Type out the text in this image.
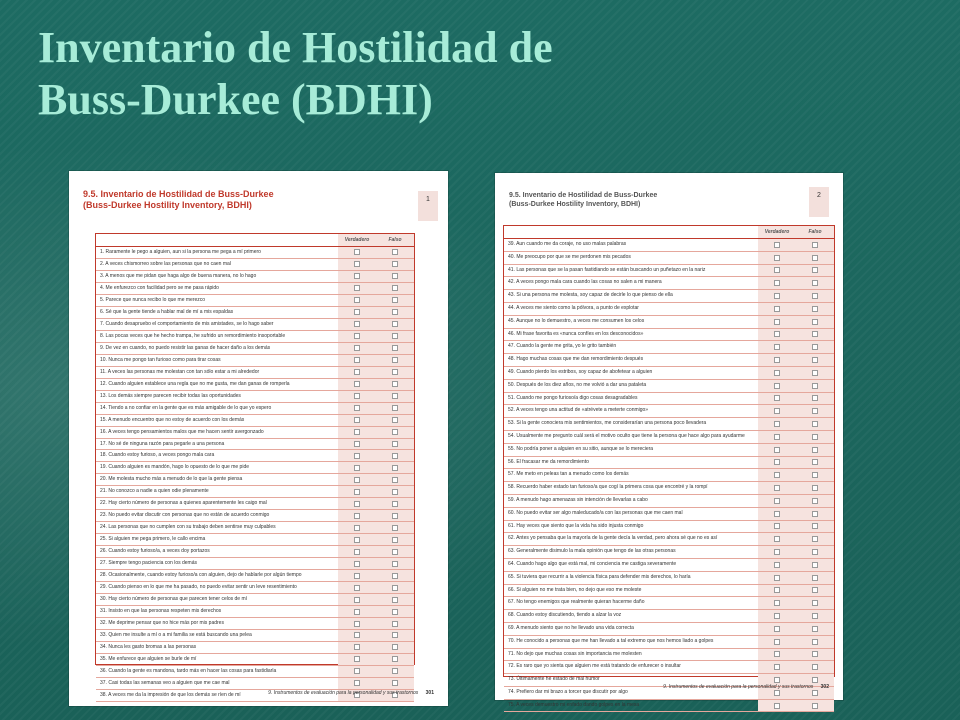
Inventario de Hostilidad de
Buss-Durkee (BDHI)
9.5. Inventario de Hostilidad de Buss-Durkee
(Buss-Durkee Hostility Inventory, BDHI)
1
Verdadero	Falso
1. Raramente le pego a alguien, aun si la persona me pega a mí primero
2. A veces chismorreo sobre las personas que no caen mal
3. A menos que me pidan que haga algo de buena manera, no lo hago
4. Me enfurezco con facilidad pero se me pasa rápido
5. Parece que nunca recibo lo que me merezco
6. Sé que la gente tiende a hablar mal de mí a mis espaldas
7. Cuando desapruebo el comportamiento de mis amistades, se lo hago saber
8. Las pocas veces que he hecho trampa, he sufrido un remordimiento insoportable
9. De vez en cuando, no puedo resistir las ganas de hacer daño a los demás
10. Nunca me pongo tan furioso como para tirar cosas
11. A veces las personas me molestan con tan sólo estar a mi alrededor
12. Cuando alguien establece una regla que no me gusta, me dan ganas de romperla
13. Los demás siempre parecen recibir todas las oportunidades
14. Tiendo a no confiar en la gente que es más amigable de lo que yo espero
15. A menudo encuentro que no estoy de acuerdo con los demás
16. A veces tengo pensamientos malos que me hacen sentir avergonzado
17. No sé de ninguna razón para pegarle a una persona
18. Cuando estoy furioso, a veces pongo mala cara
19. Cuando alguien es mandón, hago lo opuesto de lo que me pide
20. Me molesta mucho más a menudo de lo que la gente piensa
21. No conozco a nadie a quien odie plenamente
22. Hay cierto número de personas a quienes aparentemente les caigo mal
23. No puedo evitar discutir con personas que no están de acuerdo conmigo
24. Las personas que no cumplen con su trabajo deben sentirse muy culpables
25. Si alguien me pega primero, le callo encima
26. Cuando estoy furioso/a, a veces doy portazos
27. Siempre tengo paciencia con los demás
28. Ocasionalmente, cuando estoy furioso/a con alguien, dejo de hablarle por algún tiempo
29. Cuando pienso en lo que me ha pasado, no puedo evitar sentir un leve resentimiento
30. Hay cierto número de personas que parecen tener celos de mí
31. Insisto en que las personas respeten mis derechos
32. Me deprime pensar que no hice más por mis padres
33. Quien me insulte a mí o a mi familia se está buscando una pelea
34. Nunca les gasto bromas a las personas
35. Me enfurece que alguien se burle de mí
36. Cuando la gente es mandona, tardo más en hacer las cosas para fastidiarla
37. Casi todas las semanas veo a alguien que me cae mal
38. A veces me da la impresión de que los demás se ríen de mí	9. Instrumentos de evaluación para la personalidad y sus trastornos 301
9.5. Inventario de Hostilidad de Buss-Durkee
(Buss-Durkee Hostility Inventory, BDHI)
2
Verdadero	Falso
39. Aun cuando me da coraje, no uso malas palabras
40. Me preocupo por que se me perdonen mis pecados
41. Las personas que se la pasan fastidiando se están buscando un puñetazo en la nariz
42. A veces pongo mala cara cuando las cosas no salen a mi manera
43. Si una persona me molesta, soy capaz de decirle lo que pienso de ella
44. A veces me siento como la pólvora, a punto de explotar
45. Aunque no lo demuestro, a veces me consumen los celos
46. Mi frase favorita es «nunca confíes en los desconocidos»
47. Cuando la gente me grita, yo le grito también
48. Hago muchas cosas que me dan remordimiento después
49. Cuando pierdo los estribos, soy capaz de abofetear a alguien
50. Después de los diez años, no me volvió a dar una pataleta
51. Cuando me pongo furioso/a digo cosas desagradables
52. A veces tengo una actitud de «atrévete a meterte conmigo»
53. Si la gente conociera mis sentimientos, me considerarían una persona poco llevadera
54. Usualmente me pregunto cuál será el motivo oculto que tiene la persona que hace algo para ayudarme
55. No podría poner a alguien en su sitio, aunque se lo mereciera
56. El fracasar me da remordimiento
57. Me meto en peleas tan a menudo como los demás
58. Recuerdo haber estado tan furioso/a que cogí la primera cosa que encontré y la rompí
59. A menudo hago amenazas sin intención de llevarlas a cabo
60. No puedo evitar ser algo maleducado/a con las personas que me caen mal
61. Hay veces que siento que la vida ha sido injusta conmigo
62. Antes yo pensaba que la mayoría de la gente decía la verdad, pero ahora sé que no es así
63. Generalmente disimulo la mala opinión que tengo de las otras personas
64. Cuando hago algo que está mal, mi conciencia me castiga severamente
65. Si tuviera que recurrir a la violencia física para defender mis derechos, lo haría
66. Si alguien no me trata bien, no dejo que eso me moleste
67. No tengo enemigos que realmente quieran hacerme daño
68. Cuando estoy discutiendo, tiendo a alzar la voz
69. A menudo siento que no he llevado una vida correcta
70. He conocido a personas que me han llevado a tal extremo que nos hemos liado a golpes
71. No dejo que muchas cosas sin importancia me molesten
72. Es raro que yo sienta que alguien me está tratando de enfurecer o insultar
73. Últimamente he estado de mal humor
74. Prefiero dar mi brazo a torcer que discutir por algo
75. A veces demuestro mi enfado dando golpes en la mesa
9. Instrumentos de evaluación para la personalidad y sus trastornos 302
